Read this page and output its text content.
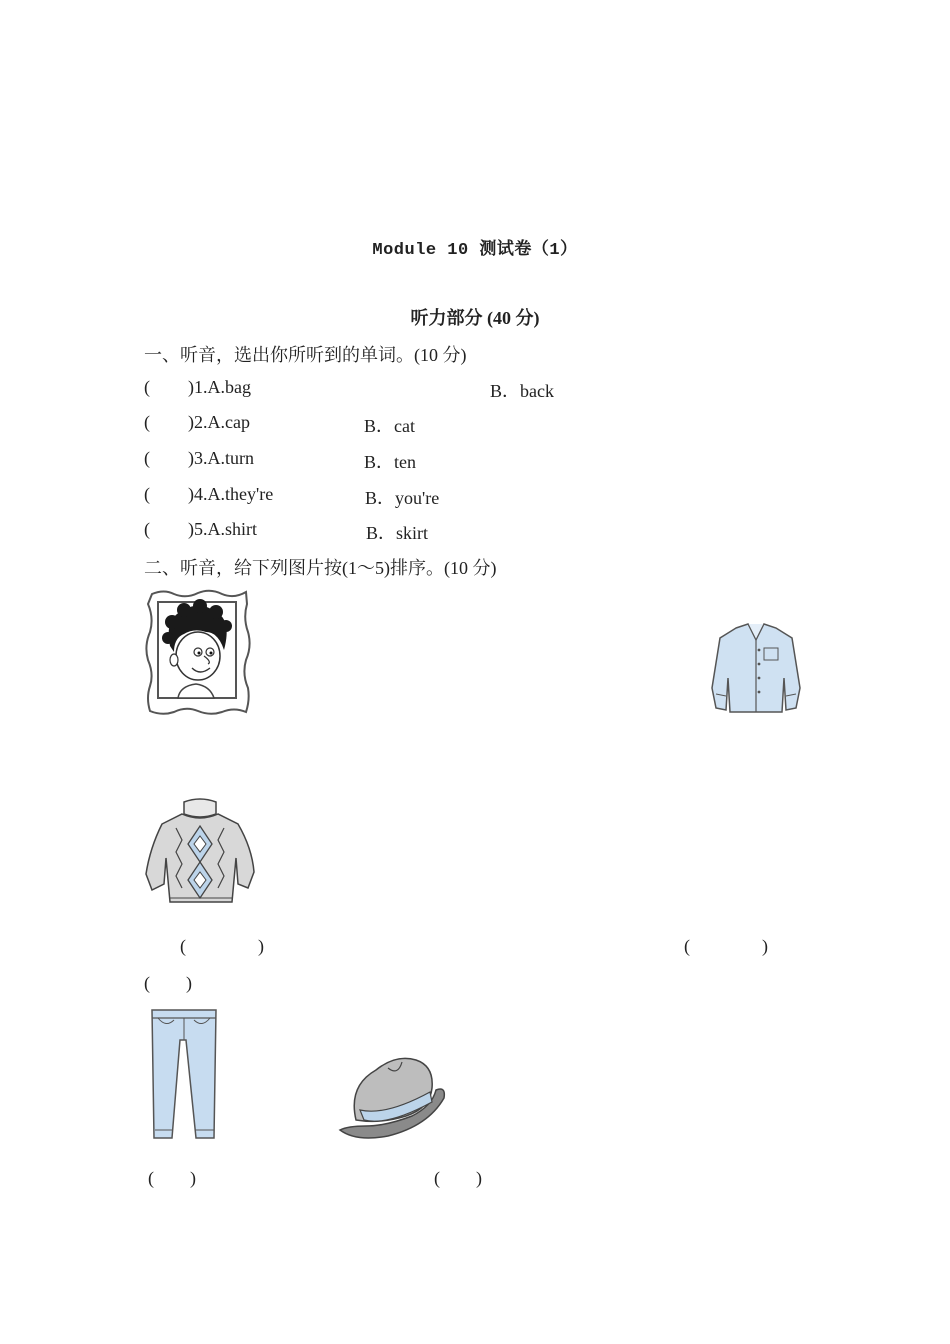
Module 10 测试卷（1）
听力部分 (40 分)
一、听音，选出你所听到的单词。(10 分)
( )1.A.bag	B．back
( )2.A.cap	B．cat
( )3.A.turn	B．ten
( )4.A.they're	B．you're
( )5.A.shirt	B．skirt
二、听音，给下列图片按(1～5)排序。(10 分)
(                )	(                )
(        )
(        )	(        )
